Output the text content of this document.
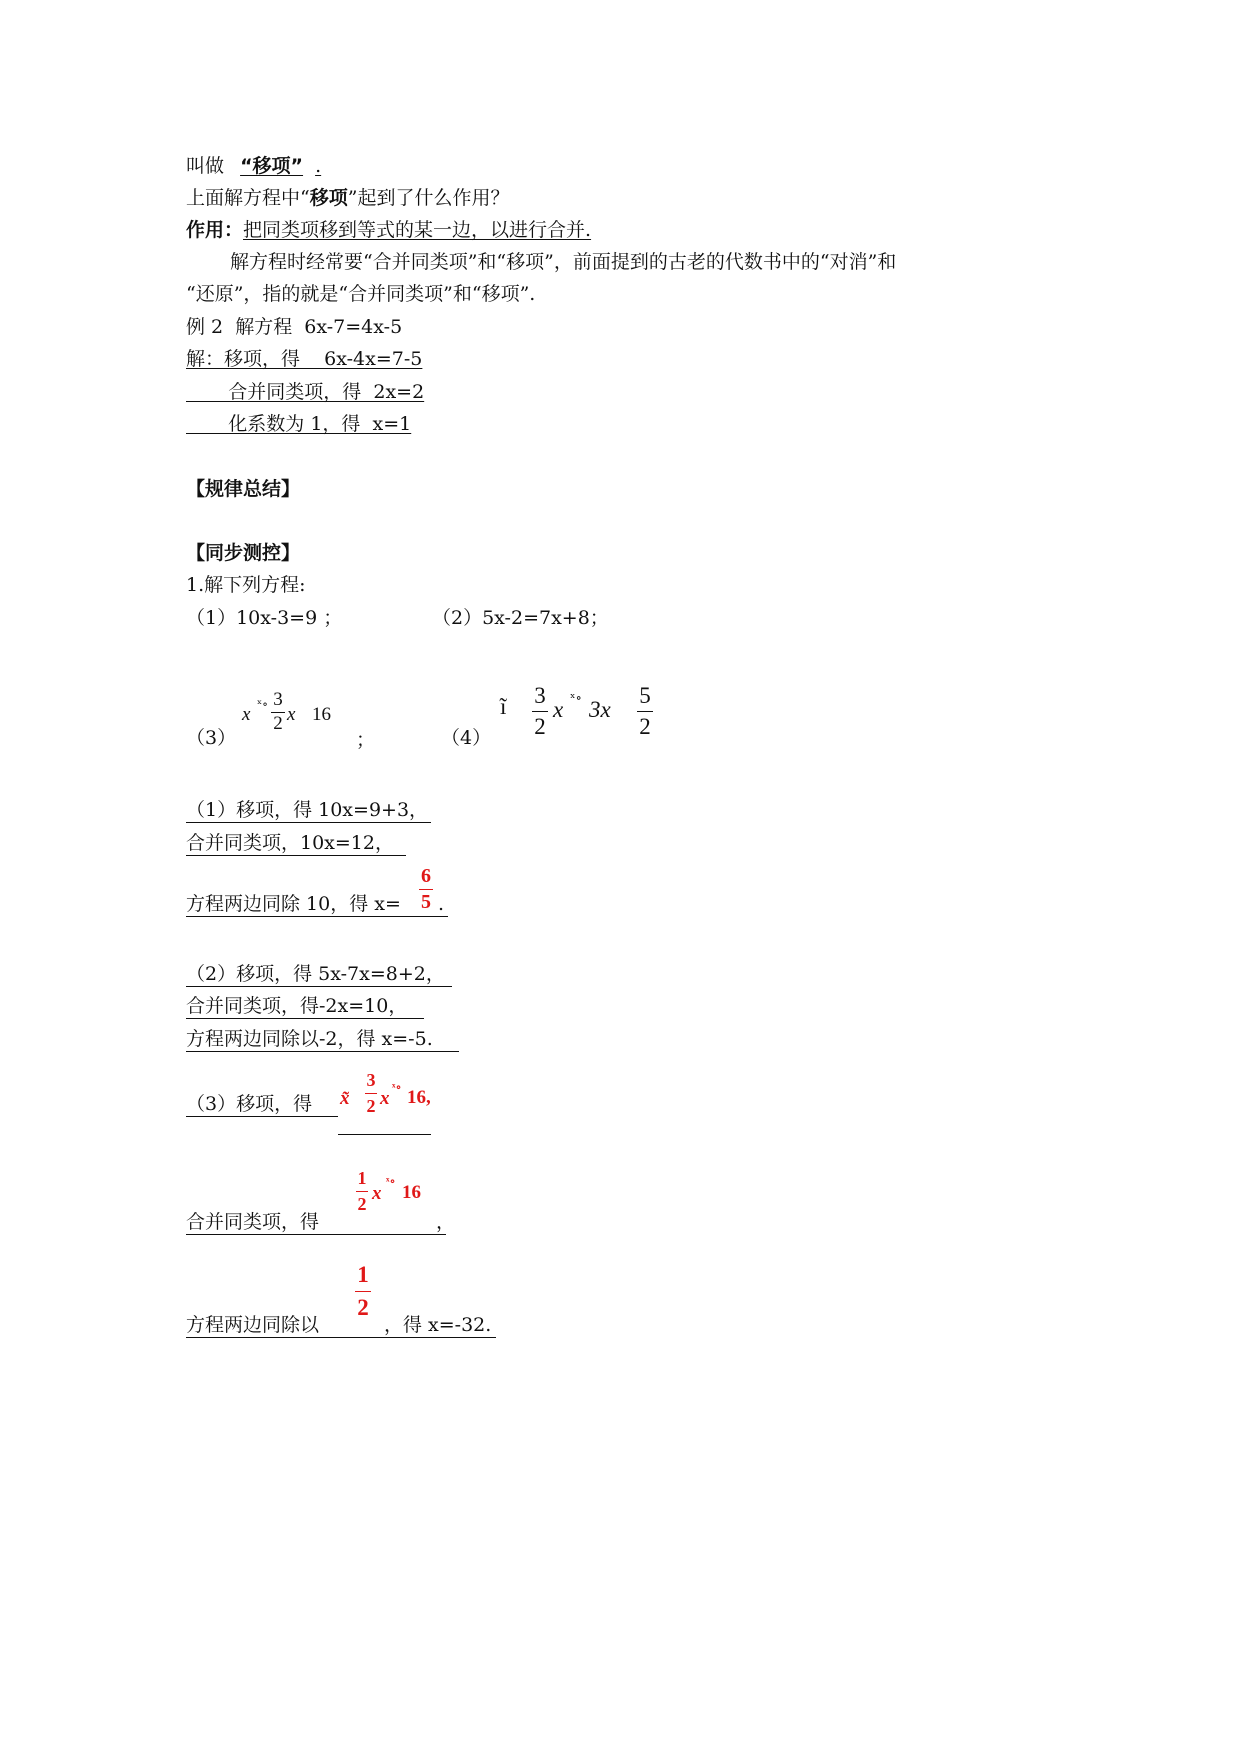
叫做 “移项” .
上面解方程中“移项”起到了什么作用？
作用：把同类项移到等式的某一边，以进行合并.
解方程时经常要“合并同类项”和“移项”，前面提到的古老的代数书中的“对消”和
“还原”，指的就是“合并同类项”和“移项”.
例 2  解方程  6x-7=4x-5
解：移项，得    6x-4x=7-5
合并同类项，得  2x=2
化系数为 1，得  x=1
【规律总结】
【同步测控】
1.解下列方程:
（1）10x-3=9 ；	（2）5x-2=7x+8；
（3）
x ˣ∘ 3
2 x 16
；	（4）
ĩ 3
2
x ˣ∘ 3x
5
2
（1）移项，得 10x=9+3，
合并同类项，10x=12，
方程两边同除 10，得 x=
6
5 .
（2）移项，得 5x-7x=8+2，
合并同类项，得-2x=10，
方程两边同除以-2，得 x=-5.
（3）移项，得 x̃
3
2 x
ˣ∘ 16,
1
2 x
ˣ∘
16
合并同类项，得	，
方程两边同除以
1
2
，得 x=-32.
